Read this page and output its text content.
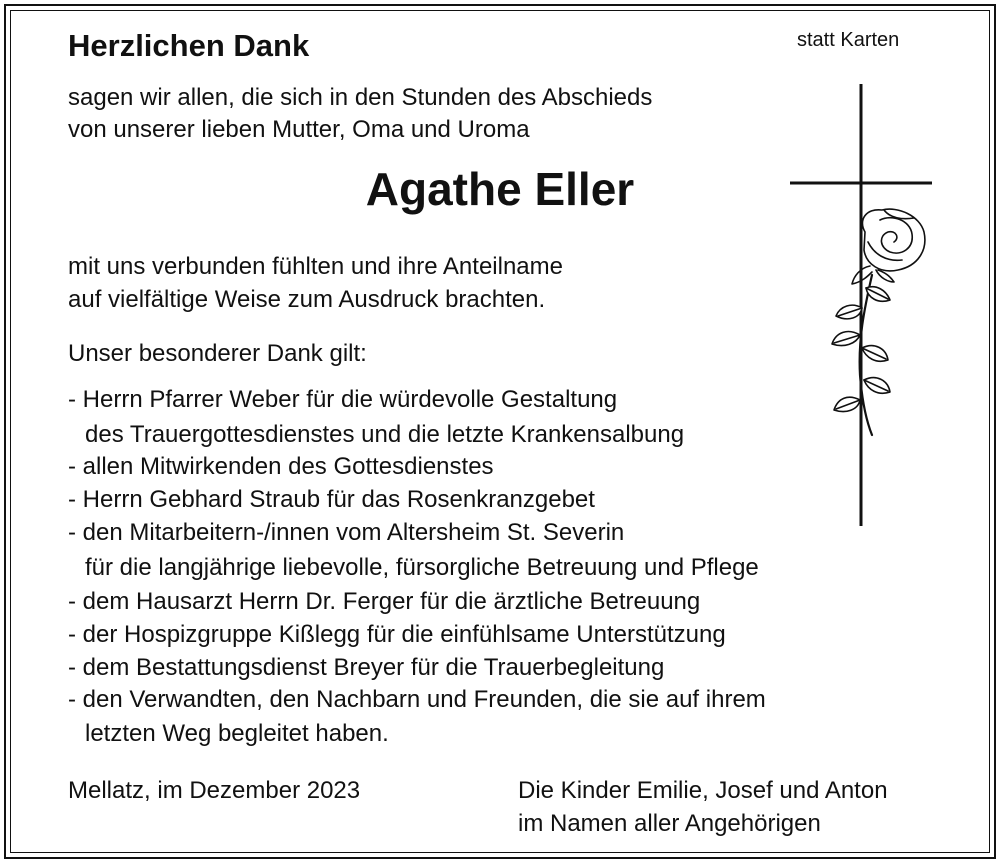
Herzlichen Dank	statt Karten
sagen wir allen, die sich in den Stunden des Abschieds
von unserer lieben Mutter, Oma und Uroma
Agathe Eller
mit uns verbunden fühlten und ihre Anteilname
auf vielfältige Weise zum Ausdruck brachten.
Unser besonderer Dank gilt:
- Herrn Pfarrer Weber für die würdevolle Gestaltung
des Trauergottesdienstes und die letzte Krankensalbung
- allen Mitwirkenden des Gottesdienstes
- Herrn Gebhard Straub für das Rosenkranzgebet
- den Mitarbeitern-/innen vom Altersheim St. Severin
für die langjährige liebevolle, fürsorgliche Betreuung und Pflege
- dem Hausarzt Herrn Dr. Ferger für die ärztliche Betreuung
- der Hospizgruppe Kißlegg für die einfühlsame Unterstützung
- dem Bestattungsdienst Breyer für die Trauerbegleitung
- den Verwandten, den Nachbarn und Freunden, die sie auf ihrem
letzten Weg begleitet haben.
Mellatz, im Dezember 2023	Die Kinder Emilie, Josef und Anton
im Namen aller Angehörigen
